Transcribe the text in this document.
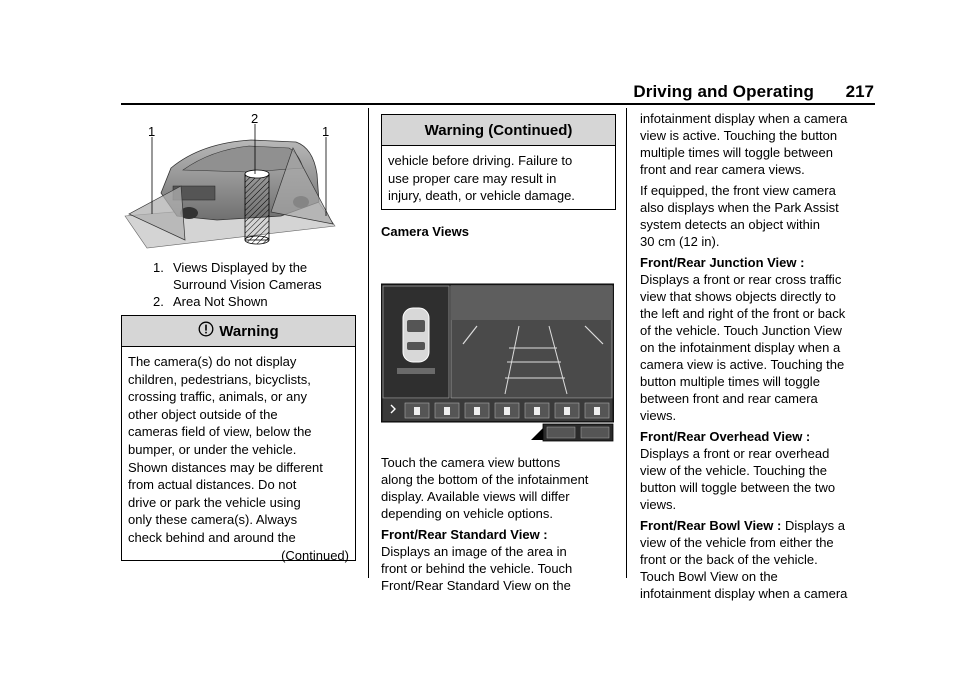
Driving and Operating 217
1
2
1
1. Views Displayed by the
Surround Vision Cameras
2. Area Not Shown
Warning
The camera(s) do not display
children, pedestrians, bicyclists,
crossing traffic, animals, or any
other object outside of the
cameras field of view, below the
bumper, or under the vehicle.
Shown distances may be different
from actual distances. Do not
drive or park the vehicle using
only these camera(s). Always
check behind and around the
(Continued)
Warning (Continued)
vehicle before driving. Failure to
use proper care may result in
injury, death, or vehicle damage.
Camera Views

Touch the camera view buttons
along the bottom of the infotainment
display. Available views will differ
depending on vehicle options.

Front/Rear Standard View :
Displays an image of the area in
front or behind the vehicle. Touch
Front/Rear Standard View on the

infotainment display when a camera
view is active. Touching the button
multiple times will toggle between
front and rear camera views.

If equipped, the front view camera
also displays when the Park Assist
system detects an object within
30 cm (12 in).

Front/Rear Junction View :
Displays a front or rear cross traffic
view that shows objects directly to
the left and right of the front or back
of the vehicle. Touch Junction View
on the infotainment display when a
camera view is active. Touching the
button multiple times will toggle
between front and rear camera
views.

Front/Rear Overhead View :
Displays a front or rear overhead
view of the vehicle. Touching the
button will toggle between the two
views.

Front/Rear Bowl View : Displays a
view of the vehicle from either the
front or the back of the vehicle.
Touch Bowl View on the
infotainment display when a camera
